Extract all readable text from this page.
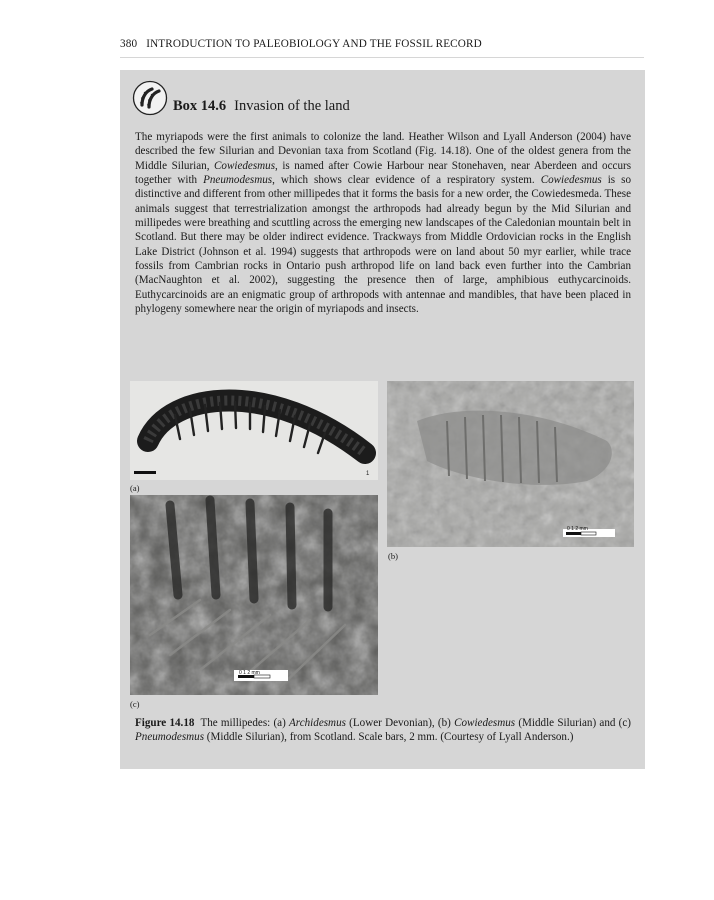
380 INTRODUCTION TO PALEOBIOLOGY AND THE FOSSIL RECORD
Box 14.6 Invasion of the land
The myriapods were the first animals to colonize the land. Heather Wilson and Lyall Anderson (2004) have described the few Silurian and Devonian taxa from Scotland (Fig. 14.18). One of the oldest genera from the Middle Silurian, Cowiedesmus, is named after Cowie Harbour near Stonehaven, near Aberdeen and occurs together with Pneumodesmus, which shows clear evidence of a respiratory system. Cowiedesmus is so distinctive and different from other millipedes that it forms the basis for a new order, the Cowiedesmeda. These animals suggest that terrestrialization amongst the arthropods had already begun by the Mid Silurian and millipedes were breathing and scuttling across the emerging new landscapes of the Caledonian mountain belt in Scotland. But there may be older indirect evidence. Trackways from Middle Ordovician rocks in the English Lake District (Johnson et al. 1994) suggests that arthropods were on land about 50 myr earlier, while trace fossils from Cambrian rocks in Ontario push arthropod life on land back even further into the Cambrian (MacNaughton et al. 2002), suggesting the presence then of large, amphibious euthycarcinoids. Euthycarcinoids are an enigmatic group of arthropods with antennae and mandibles, that have been placed in phylogeny somewhere near the origin of myriapods and insects.
1
(a)
0 1 2 mm
(b)
0 1 2 mm
(c)
Figure 14.18 The millipedes: (a) Archidesmus (Lower Devonian), (b) Cowiedesmus (Middle Silurian) and (c) Pneumodesmus (Middle Silurian), from Scotland. Scale bars, 2 mm. (Courtesy of Lyall Anderson.)
